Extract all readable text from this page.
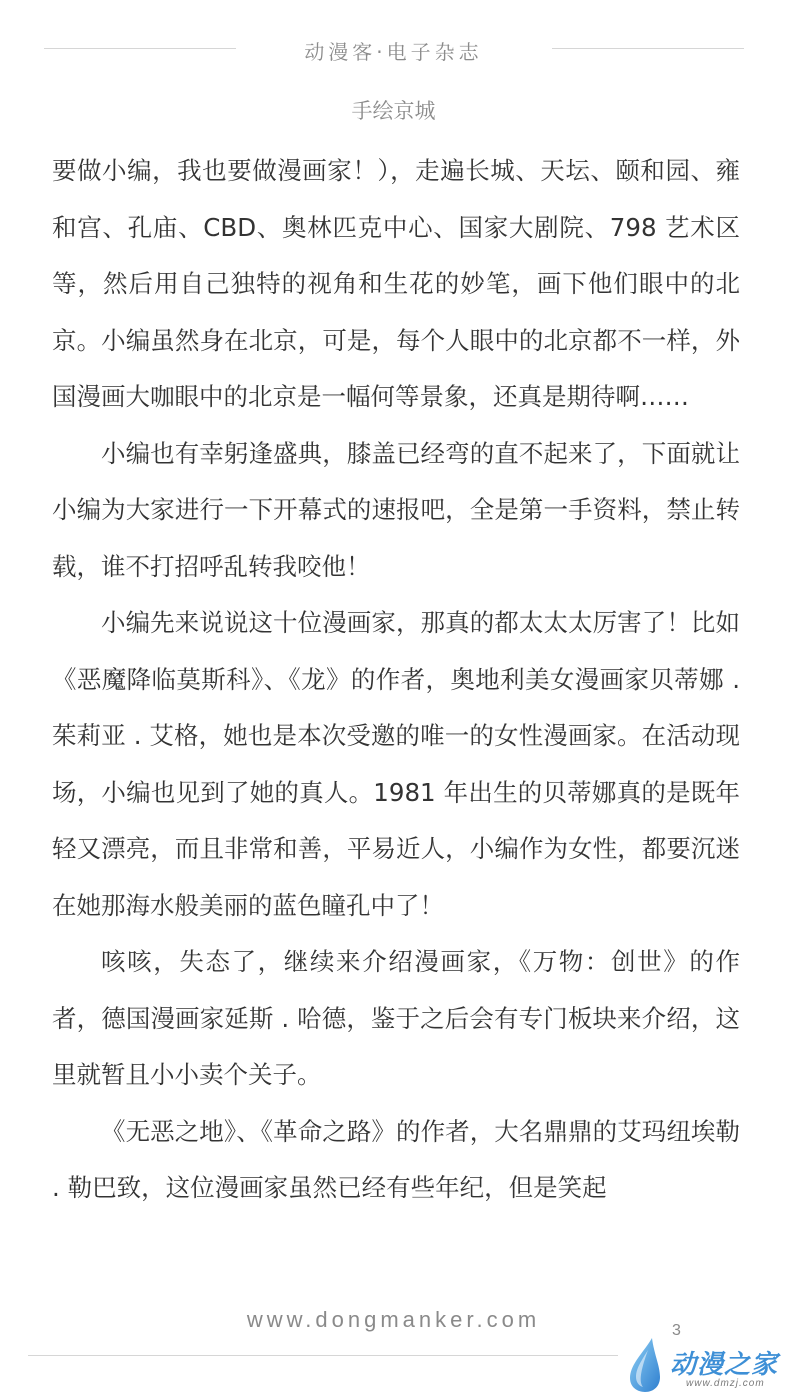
动漫客·电子杂志
手绘京城

要做小编，我也要做漫画家！），走遍长城、天坛、颐和园、雍和宫、孔庙、CBD、奥林匹克中心、国家大剧院、798 艺术区等，然后用自己独特的视角和生花的妙笔，画下他们眼中的北京。小编虽然身在北京，可是，每个人眼中的北京都不一样，外国漫画大咖眼中的北京是一幅何等景象，还真是期待啊……

小编也有幸躬逢盛典，膝盖已经弯的直不起来了，下面就让小编为大家进行一下开幕式的速报吧，全是第一手资料，禁止转载，谁不打招呼乱转我咬他！

小编先来说说这十位漫画家，那真的都太太太厉害了！比如《恶魔降临莫斯科》、《龙》的作者，奥地利美女漫画家贝蒂娜 . 茱莉亚 . 艾格，她也是本次受邀的唯一的女性漫画家。在活动现场，小编也见到了她的真人。1981 年出生的贝蒂娜真的是既年轻又漂亮，而且非常和善，平易近人，小编作为女性，都要沉迷在她那海水般美丽的蓝色瞳孔中了！

咳咳，失态了，继续来介绍漫画家，《万物：创世》的作者，德国漫画家延斯 . 哈德，鉴于之后会有专门板块来介绍，这里就暂且小小卖个关子。

《无恶之地》、《革命之路》的作者，大名鼎鼎的艾玛纽埃勒 . 勒巴致，这位漫画家虽然已经有些年纪，但是笑起

www.dongmanker.com	3
动漫之家
www.dmzj.com
